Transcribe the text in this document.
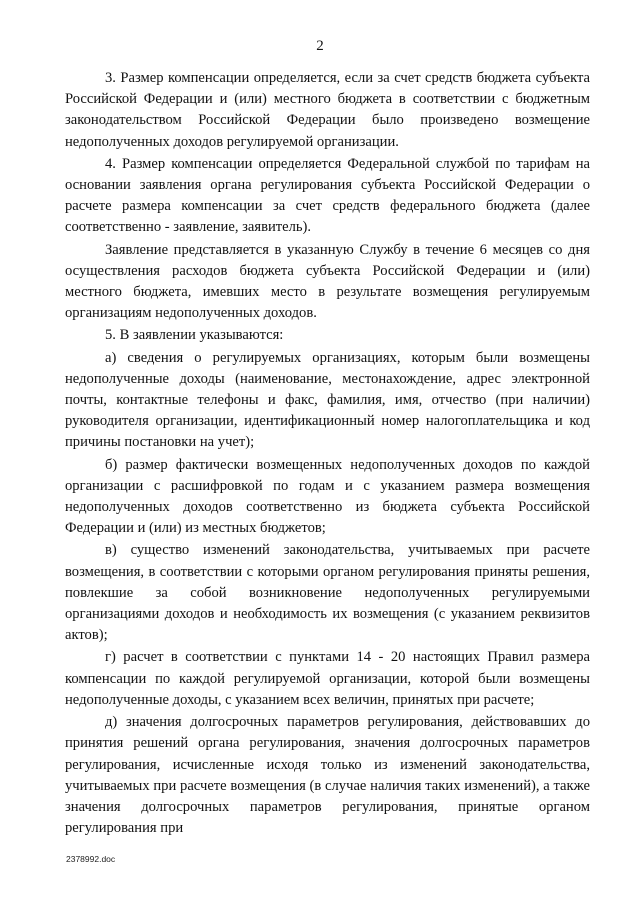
2

3. Размер компенсации определяется, если за счет средств бюджета субъекта Российской Федерации и (или) местного бюджета в соответствии с бюджетным законодательством Российской Федерации было произведено возмещение недополученных доходов регулируемой организации.

4. Размер компенсации определяется Федеральной службой по тарифам на основании заявления органа регулирования субъекта Российской Федерации о расчете размера компенсации за счет средств федерального бюджета (далее соответственно - заявление, заявитель).

Заявление представляется в указанную Службу в течение 6 месяцев со дня осуществления расходов бюджета субъекта Российской Федерации и (или) местного бюджета, имевших место в результате возмещения регулируемым организациям недополученных доходов.

5. В заявлении указываются:

а) сведения о регулируемых организациях, которым были возмещены недополученные доходы (наименование, местонахождение, адрес электронной почты, контактные телефоны и факс, фамилия, имя, отчество (при наличии) руководителя организации, идентификационный номер налогоплательщика и код причины постановки на учет);

б) размер фактически возмещенных недополученных доходов по каждой организации с расшифровкой по годам и с указанием размера возмещения недополученных доходов соответственно из бюджета субъекта Российской Федерации и (или) из местных бюджетов;

в) существо изменений законодательства, учитываемых при расчете возмещения, в соответствии с которыми органом регулирования приняты решения, повлекшие за собой возникновение недополученных регулируемыми организациями доходов и необходимость их возмещения (с указанием реквизитов актов);

г) расчет в соответствии с пунктами 14 - 20 настоящих Правил размера компенсации по каждой регулируемой организации, которой были возмещены недополученные доходы, с указанием всех величин, принятых при расчете;

д) значения долгосрочных параметров регулирования, действовавших до принятия решений органа регулирования, значения долгосрочных параметров регулирования, исчисленные исходя только из изменений законодательства, учитываемых при расчете возмещения (в случае наличия таких изменений), а также значения долгосрочных параметров регулирования, принятые органом регулирования при

2378992.doc
